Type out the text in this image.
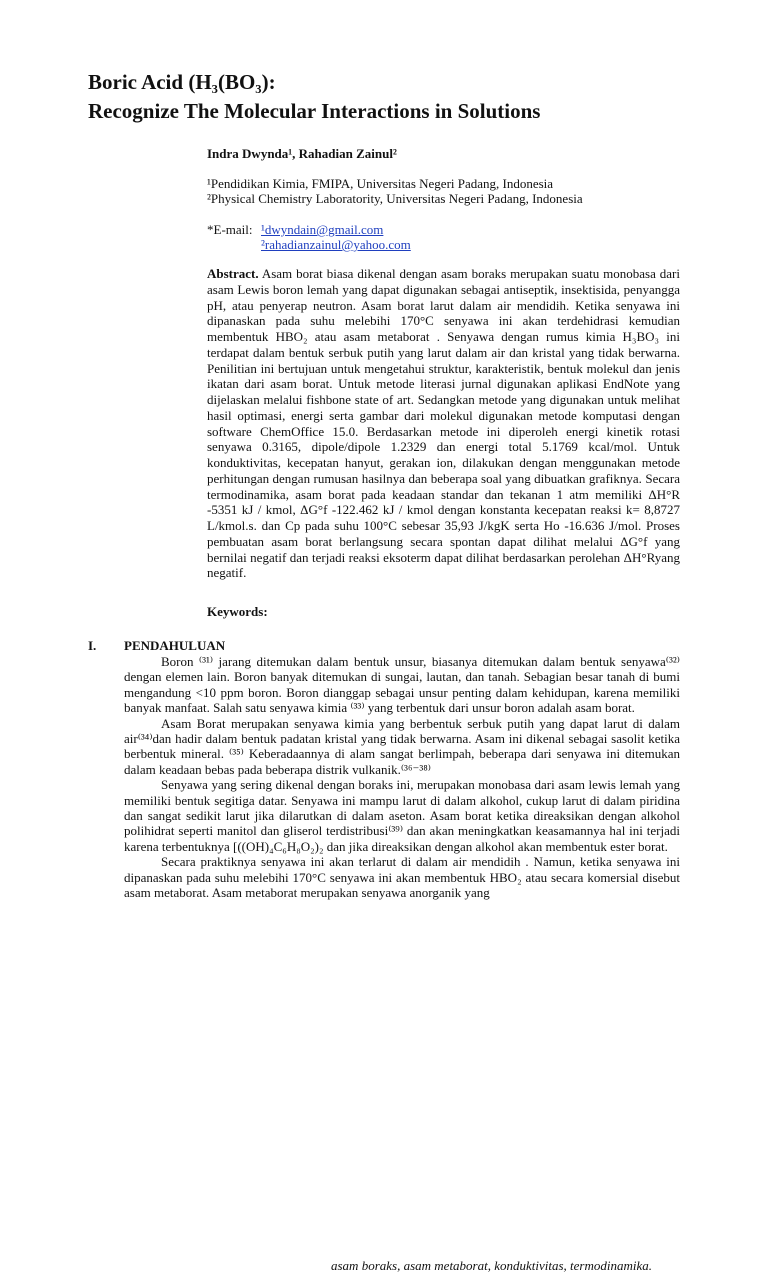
Boric Acid (H₃(BO₃):
Recognize The Molecular Interactions in Solutions
Indra Dwynda¹, Rahadian Zainul²
¹Pendidikan Kimia, FMIPA, Universitas Negeri Padang, Indonesia
²Physical Chemistry Laboratority, Universitas Negeri Padang, Indonesia
*E-mail: ¹dwyndain@gmail.com
²rahadianzainul@yahoo.com
Abstract. Asam borat biasa dikenal dengan asam boraks merupakan suatu monobasa dari asam Lewis boron lemah yang dapat digunakan sebagai antiseptik, insektisida, penyangga pH, atau penyerap neutron. Asam borat larut dalam air mendidih. Ketika senyawa ini dipanaskan pada suhu melebihi 170°C senyawa ini akan terdehidrasi kemudian membentuk HBO₂ atau asam metaborat . Senyawa dengan rumus kimia H₃BO₃ ini terdapat dalam bentuk serbuk putih yang larut dalam air dan kristal yang tidak berwarna. Penilitian ini bertujuan untuk mengetahui struktur, karakteristik, bentuk molekul dan jenis ikatan dari asam borat. Untuk metode literasi jurnal digunakan aplikasi EndNote yang dijelaskan melalui fishbone state of art. Sedangkan metode yang digunakan untuk melihat hasil optimasi, energi serta gambar dari molekul digunakan metode komputasi dengan software ChemOffice 15.0. Berdasarkan metode ini diperoleh energi kinetik rotasi senyawa 0.3165, dipole/dipole 1.2329 dan energi total 5.1769 kcal/mol. Untuk konduktivitas, kecepatan hanyut, gerakan ion, dilakukan dengan menggunakan metode perhitungan dengan rumusan hasilnya dan beberapa soal yang dibuatkan grafiknya. Secara termodinamika, asam borat pada keadaan standar dan tekanan 1 atm memiliki ΔH°R -5351 kJ / kmol, ΔG°f -122.462 kJ / kmol dengan konstanta kecepatan reaksi k= 8,8727 L/kmol.s. dan Cp pada suhu 100°C sebesar 35,93 J/kgK serta Ho -16.636 J/mol. Proses pembuatan asam borat berlangsung secara spontan dapat dilihat melalui ΔG°f yang bernilai negatif dan terjadi reaksi eksoterm dapat dilihat berdasarkan perolehan ΔH°Ryang negatif.
Keywords:
asam boraks, asam metaborat, konduktivitas, termodinamika.
I. PENDAHULUAN

Boron ⁽³¹⁾ jarang ditemukan dalam bentuk unsur, biasanya ditemukan dalam bentuk senyawa⁽³²⁾ dengan elemen lain. Boron banyak ditemukan di sungai, lautan, dan tanah. Sebagian besar tanah di bumi mengandung <10 ppm boron. Boron dianggap sebagai unsur penting dalam kehidupan, karena memiliki banyak manfaat. Salah satu senyawa kimia ⁽³³⁾ yang terbentuk dari unsur boron adalah asam borat.

Asam Borat merupakan senyawa kimia yang berbentuk serbuk putih yang dapat larut di dalam air⁽³⁴⁾dan hadir dalam bentuk padatan kristal yang tidak berwarna. Asam ini dikenal sebagai sasolit ketika berbentuk mineral. ⁽³⁵⁾ Keberadaannya di alam sangat berlimpah, beberapa dari senyawa ini ditemukan dalam keadaan bebas pada beberapa distrik vulkanik.⁽³⁶⁻³⁸⁾

Senyawa yang sering dikenal dengan boraks ini, merupakan monobasa dari asam lewis lemah yang memiliki bentuk segitiga datar. Senyawa ini mampu larut di dalam alkohol, cukup larut di dalam piridina dan sangat sedikit larut jika dilarutkan di dalam aseton. Asam borat ketika direaksikan dengan alkohol polihidrat seperti manitol dan gliserol terdistribusi⁽³⁹⁾ dan akan meningkatkan keasamannya hal ini terjadi karena terbentuknya [((OH)₄C₆H₈O₂)₂ dan jika direaksikan dengan alkohol akan membentuk ester borat.

Secara praktiknya senyawa ini akan terlarut di dalam air mendidih . Namun, ketika senyawa ini dipanaskan pada suhu melebihi 170°C senyawa ini akan membentuk HBO₂ atau secara komersial disebut asam metaborat. Asam metaborat merupakan senyawa anorganik yang
